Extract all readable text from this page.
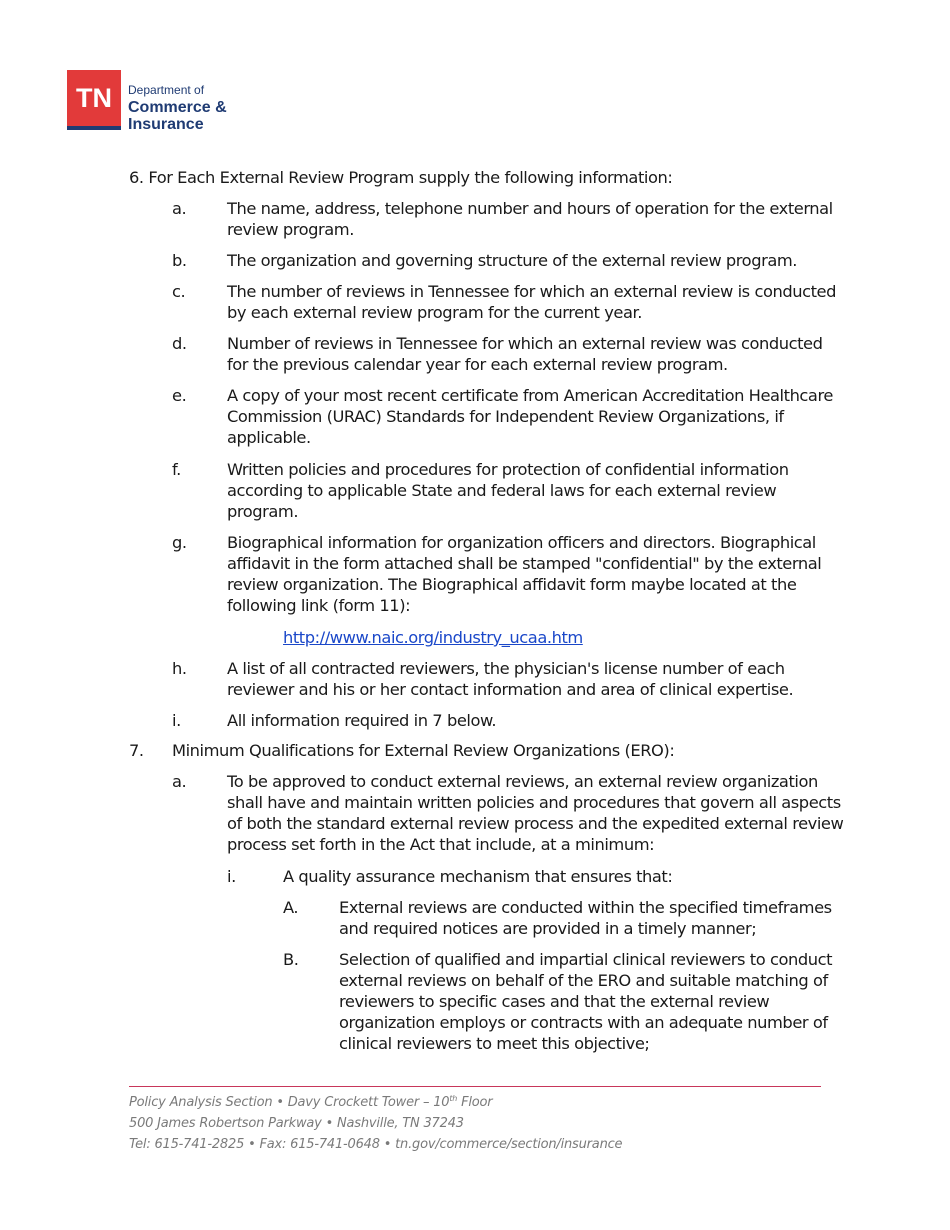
TN	Department of
Commerce &
Insurance
6. For Each External Review Program supply the following information:
a. The name, address, telephone number and hours of operation for the external
review program.
b. The organization and governing structure of the external review program.
c.	The number of reviews in Tennessee for which an external review is conducted
by each external review program for the current year.
d. Number of reviews in Tennessee for which an external review was conducted
for the previous calendar year for each external review program.
e. A copy of your most recent certificate from American Accreditation Healthcare
Commission (URAC) Standards for Independent Review Organizations, if
applicable.
f.	Written policies and procedures for protection of confidential information
according to applicable State and federal laws for each external review
program.
g. Biographical information for organization officers and directors. Biographical
affidavit in the form attached shall be stamped "confidential" by the external
review organization. The Biographical affidavit form maybe located at the
following link (form 11):
http://www.naic.org/industry_ucaa.htm
h. A list of all contracted reviewers, the physician's license number of each
reviewer and his or her contact information and area of clinical expertise.
i.	All information required in 7 below.
7. Minimum Qualifications for External Review Organizations (ERO):
a. To be approved to conduct external reviews, an external review organization
shall have and maintain written policies and procedures that govern all aspects
of both the standard external review process and the expedited external review
process set forth in the Act that include, at a minimum:
i.	A quality assurance mechanism that ensures that:
A.	External reviews are conducted within the specified timeframes
and required notices are provided in a timely manner;
B. Selection of qualified and impartial clinical reviewers to conduct
external reviews on behalf of the ERO and suitable matching of
reviewers to specific cases and that the external review
organization employs or contracts with an adequate number of
clinical reviewers to meet this objective;
Policy Analysis Section • Davy Crockett Tower – 10th Floor
500 James Robertson Parkway • Nashville, TN 37243
Tel: 615-741-2825 • Fax: 615-741-0648 • tn.gov/commerce/section/insurance
